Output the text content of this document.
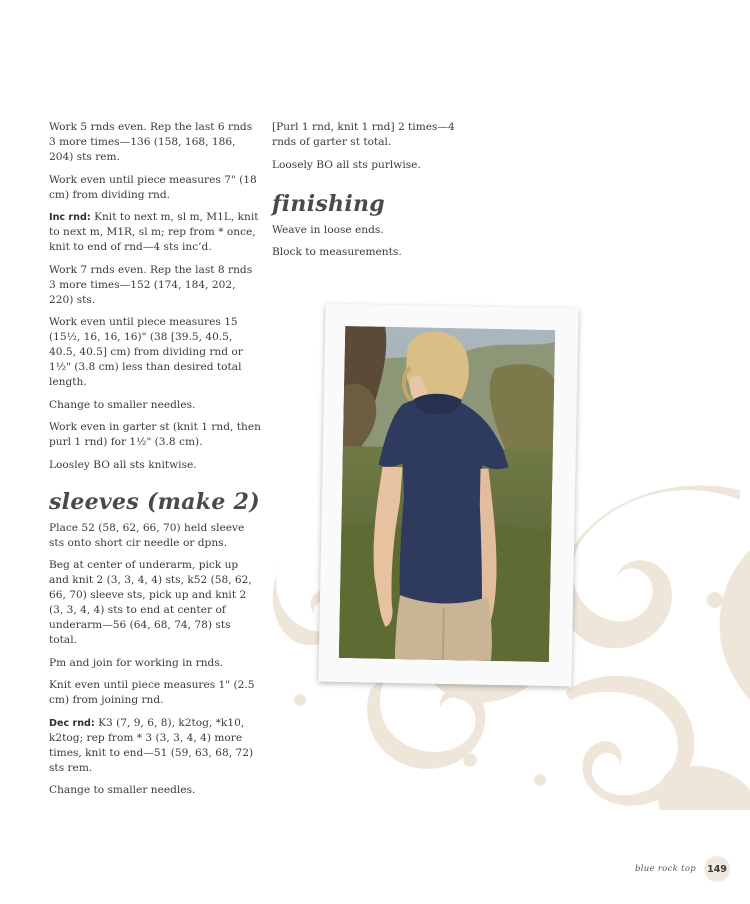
Work 5 rnds even. Rep the last 6 rnds 3 more times—136 (158, 168, 186, 204) sts rem.

Work even until piece measures 7" (18 cm) from dividing rnd.

Inc rnd: Knit to next m, sl m, M1L, knit to next m, M1R, sl m; rep from * once, knit to end of rnd—4 sts inc’d.

Work 7 rnds even. Rep the last 8 rnds 3 more times—152 (174, 184, 202, 220) sts.

Work even until piece measures 15 (15½, 16, 16, 16)" (38 [39.5, 40.5, 40.5, 40.5] cm) from dividing rnd or 1½" (3.8 cm) less than desired total length.

Change to smaller needles.

Work even in garter st (knit 1 rnd, then purl 1 rnd) for 1½" (3.8 cm).

Loosley BO all sts knitwise.

sleeves (make 2)

Place 52 (58, 62, 66, 70) held sleeve sts onto short cir needle or dpns.

Beg at center of underarm, pick up and knit 2 (3, 3, 4, 4) sts, k52 (58, 62, 66, 70) sleeve sts, pick up and knit 2 (3, 3, 4, 4) sts to end at center of underarm—56 (64, 68, 74, 78) sts total.

Pm and join for working in rnds.

Knit even until piece measures 1" (2.5 cm) from joining rnd.

Dec rnd: K3 (7, 9, 6, 8), k2tog, *k10, k2tog; rep from * 3 (3, 3, 4, 4) more times, knit to end—51 (59, 63, 68, 72) sts rem.

Change to smaller needles.

[Purl 1 rnd, knit 1 rnd] 2 times—4 rnds of garter st total.

Loosely BO all sts purlwise.

finishing

Weave in loose ends.

Block to measurements.

blue rock top	149
